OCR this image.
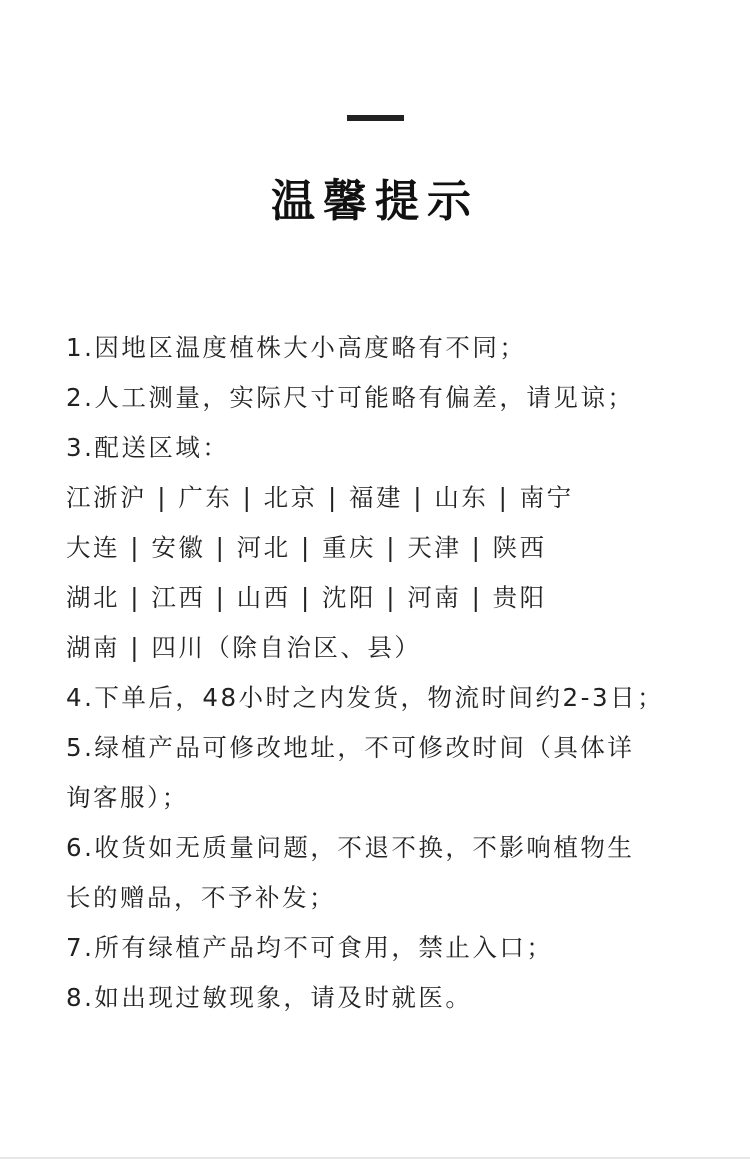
温馨提示
1.因地区温度植株大小高度略有不同；
2.人工测量，实际尺寸可能略有偏差，请见谅；
3.配送区域：
江浙沪 | 广东 | 北京 | 福建 | 山东 | 南宁
大连 | 安徽 | 河北 | 重庆 | 天津 | 陕西
湖北 | 江西 | 山西 | 沈阳 | 河南 | 贵阳
湖南 | 四川（除自治区、县）
4.下单后，48小时之内发货，物流时间约2-3日；
5.绿植产品可修改地址，不可修改时间（具体详
询客服）；
6.收货如无质量问题，不退不换，不影响植物生
长的赠品，不予补发；
7.所有绿植产品均不可食用，禁止入口；
8.如出现过敏现象，请及时就医。
